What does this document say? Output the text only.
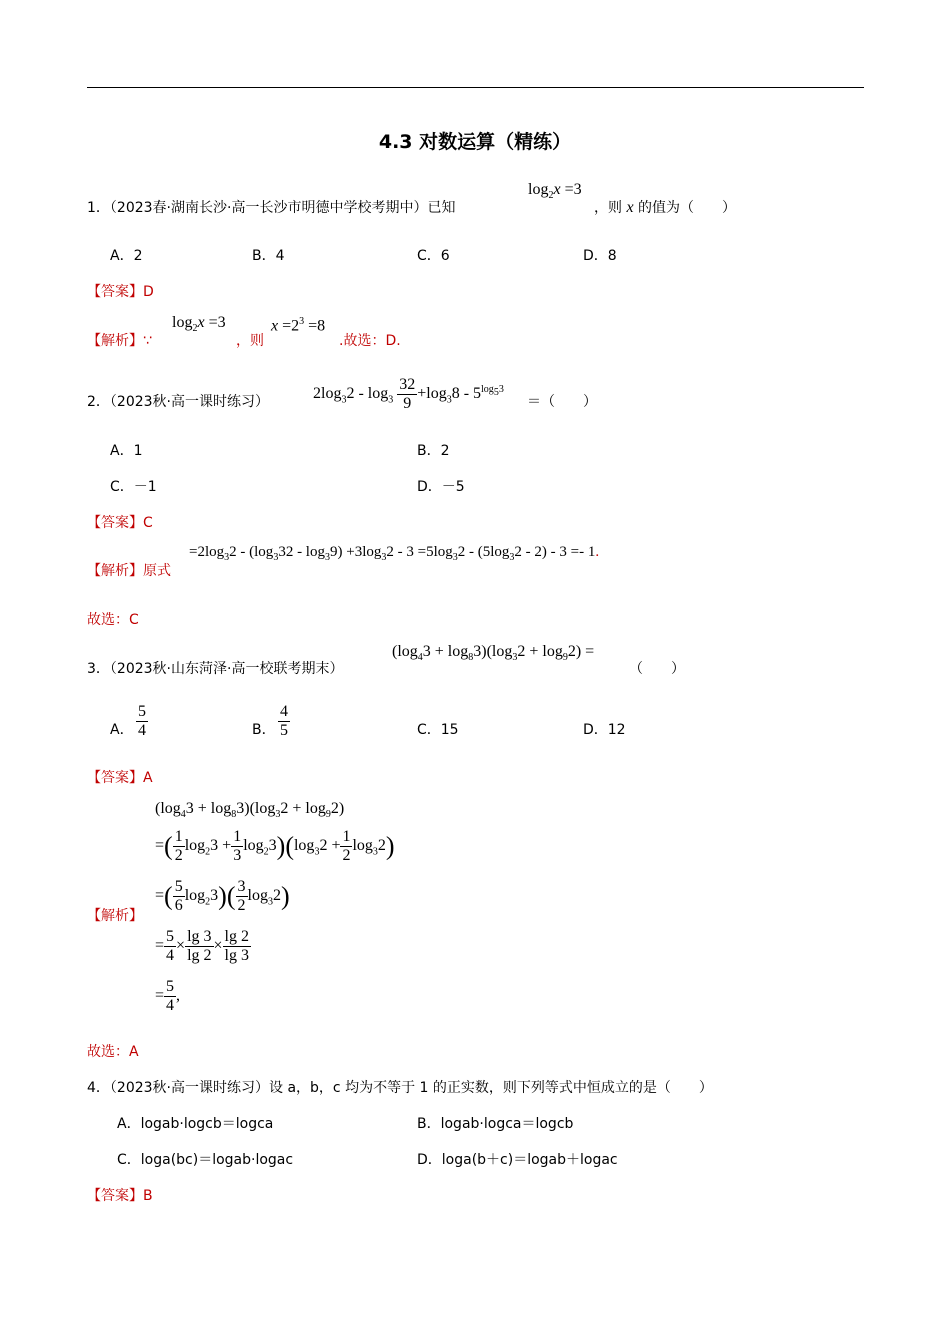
4.3 对数运算（精练）
1．（2023春·湖南长沙·高一长沙市明德中学校考期中）已知
$\log_2x =3$
，则 x 的值为（　　）
A．2	B．4	C．6	D．8
【答案】D
【解析】∵
$\log_2x =3$
，则
$x =2^3 =8$
.故选：D.
2．（2023秋·高一课时练习）	$2\log_32 - \log_3 \frac{32}{9} +\log_38 - 5^{log_53}$
＝（　　）
A．1	B．2
C．－1	D．－5
【答案】C
【解析】原式
$=2\log_32 - (\log_332 - \log_39) +3\log_32 - 3 =5\log_32 - (5\log_32 - 2) - 3 =- 1$.
故选：C
3．（2023秋·山东菏泽·高一校联考期末）
$(\log_43 + \log_83)(\log_32 + \log_92)$ =
（　　）
A． $\frac{5}{4}$	B． $\frac{4}{5}$	C．15	D．12
【答案】A
【解析】
$(\log_43 + \log_83)(\log_32 + \log_92)$
=( $\frac{1}{2} \log_23 + \frac{1}{3} \log_23)(\log_32 + \frac{1}{2} \log_32)$
=( $\frac{5}{6} \log_23)( \frac{3}{2} \log_32)$
= $\frac{5}{4} \times \frac{\lg 3}{\lg 2} \times \frac{\lg 2}{\lg 3}$
= $\frac{5}{4}$ ,
故选：A
4．（2023秋·高一课时练习）设 a，b，c 均为不等于 1 的正实数，则下列等式中恒成立的是（　　）
A．logab·logcb＝logca	B．logab·logca＝logcb
C．loga(bc)＝logab·logac	D．loga(b＋c)＝logab＋logac
【答案】B
